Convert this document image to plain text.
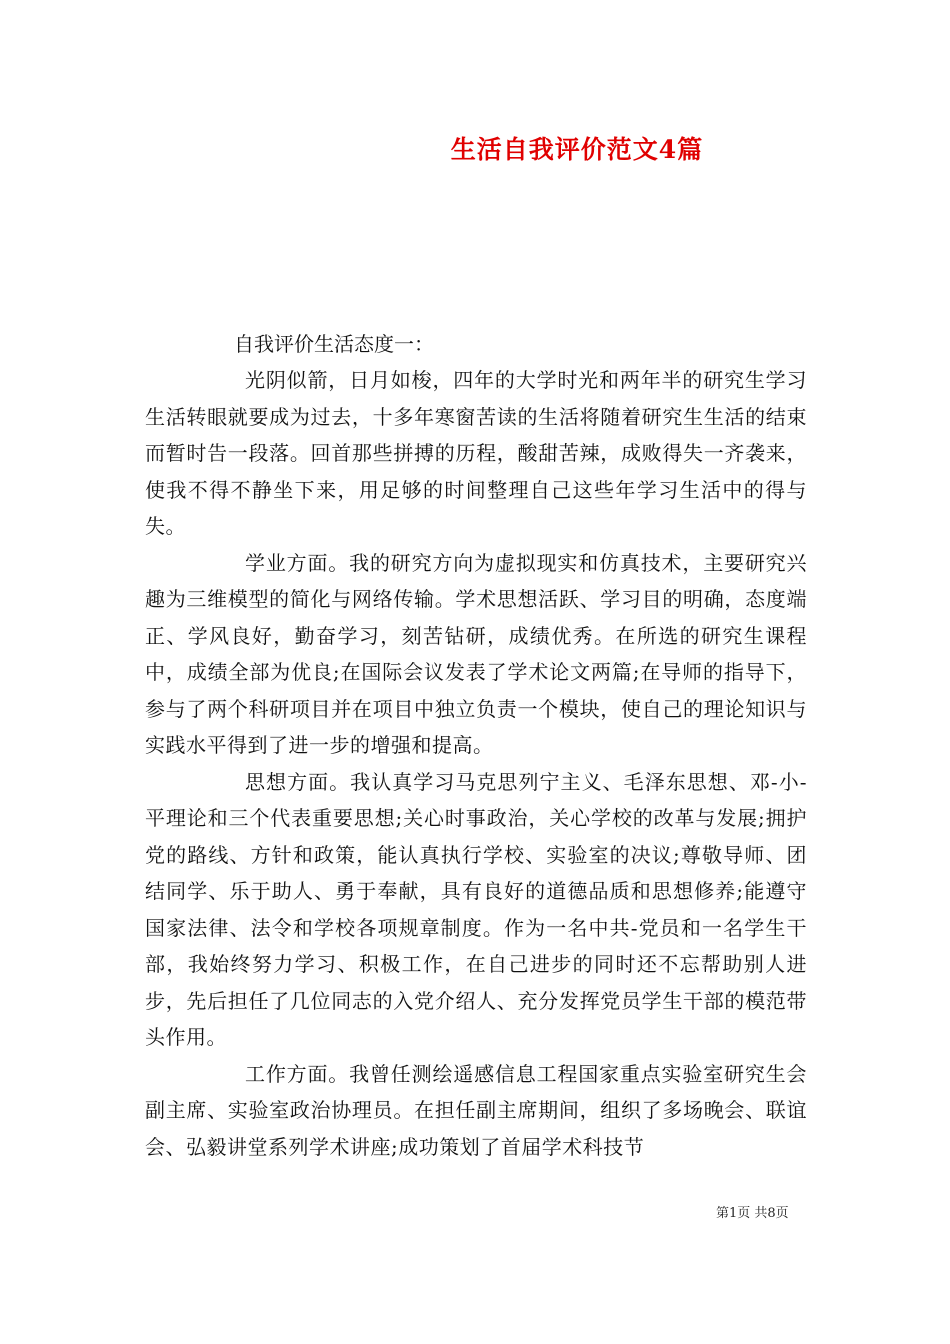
生活自我评价范文4篇

自我评价生活态度一：

光阴似箭，日月如梭，四年的大学时光和两年半的研究生学习生活转眼就要成为过去，十多年寒窗苦读的生活将随着研究生生活的结束而暂时告一段落。回首那些拼搏的历程，酸甜苦辣，成败得失一齐袭来，使我不得不静坐下来，用足够的时间整理自己这些年学习生活中的得与失。

学业方面。我的研究方向为虚拟现实和仿真技术，主要研究兴趣为三维模型的简化与网络传输。学术思想活跃、学习目的明确，态度端正、学风良好，勤奋学习，刻苦钻研，成绩优秀。在所选的研究生课程中，成绩全部为优良;在国际会议发表了学术论文两篇;在导师的指导下，参与了两个科研项目并在项目中独立负责一个模块，使自己的理论知识与实践水平得到了进一步的增强和提高。

思想方面。我认真学习马克思列宁主义、毛泽东思想、邓-小-平理论和三个代表重要思想;关心时事政治，关心学校的改革与发展;拥护党的路线、方针和政策，能认真执行学校、实验室的决议;尊敬导师、团结同学、乐于助人、勇于奉献，具有良好的道德品质和思想修养;能遵守国家法律、法令和学校各项规章制度。作为一名中共-党员和一名学生干部，我始终努力学习、积极工作，在自己进步的同时还不忘帮助别人进步，先后担任了几位同志的入党介绍人、充分发挥党员学生干部的模范带头作用。

工作方面。我曾任测绘遥感信息工程国家重点实验室研究生会副主席、实验室政治协理员。在担任副主席期间，组织了多场晚会、联谊会、弘毅讲堂系列学术讲座;成功策划了首届学术科技节

第1页 共8页
